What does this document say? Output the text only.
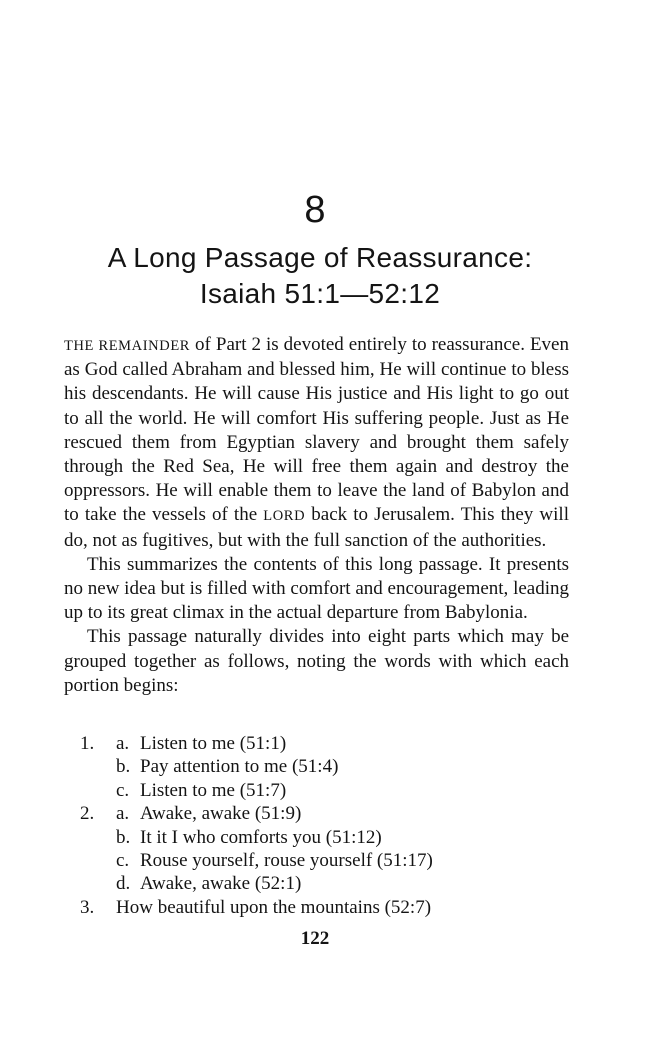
8
A Long Passage of Reassurance:
Isaiah 51:1—52:12

THE REMAINDER of Part 2 is devoted entirely to reassurance. Even as God called Abraham and blessed him, He will continue to bless his descendants. He will cause His justice and His light to go out to all the world. He will comfort His suffering people. Just as He rescued them from Egyptian slavery and brought them safely through the Red Sea, He will free them again and destroy the oppressors. He will enable them to leave the land of Babylon and to take the vessels of the LORD back to Jerusalem. This they will do, not as fugitives, but with the full sanction of the authorities.

This summarizes the contents of this long passage. It presents no new idea but is filled with comfort and encouragement, leading up to its great climax in the actual departure from Babylonia.

This passage naturally divides into eight parts which may be grouped together as follows, noting the words with which each portion begins:

1. a. Listen to me (51:1)
b. Pay attention to me (51:4)
c. Listen to me (51:7)
2. a. Awake, awake (51:9)
b. It it I who comforts you (51:12)
c. Rouse yourself, rouse yourself (51:17)
d. Awake, awake (52:1)
3. How beautiful upon the mountains (52:7)
122
